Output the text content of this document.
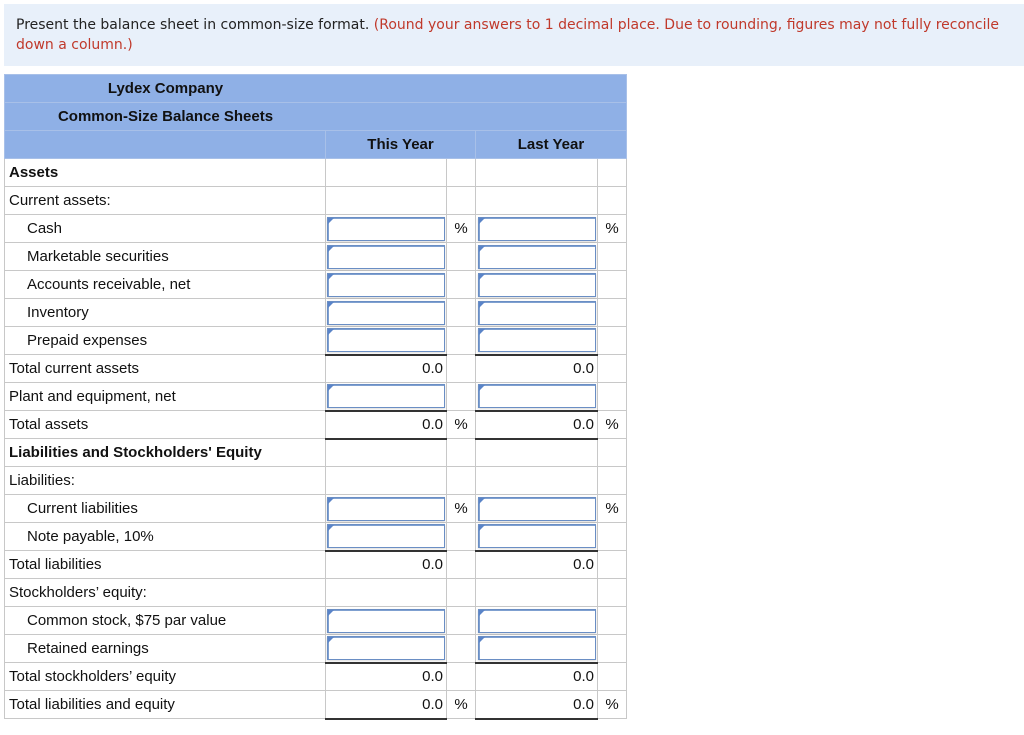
Present the balance sheet in common-size format. (Round your answers to 1 decimal place. Due to rounding, figures may not fully reconcile down a column.)
Lydex Company				
Common-Size Balance Sheets				
	This Year		Last Year	
Assets				
Current assets:				
Cash		%		%
Marketable securities	

Accounts receivable, net	

Inventory	

Prepaid expenses	

Total current assets	0.0		0.0	
Plant and equipment, net	

Total assets	0.0	%	0.0	%
Liabilities and Stockholders' Equity				
Liabilities:				
Current liabilities		%		%
Note payable, 10%	

Total liabilities	0.0		0.0	
Stockholders’ equity:				
Common stock, $75 par value	

Retained earnings	

Total stockholders’ equity	0.0		0.0	
Total liabilities and equity	0.0	%	0.0	%
